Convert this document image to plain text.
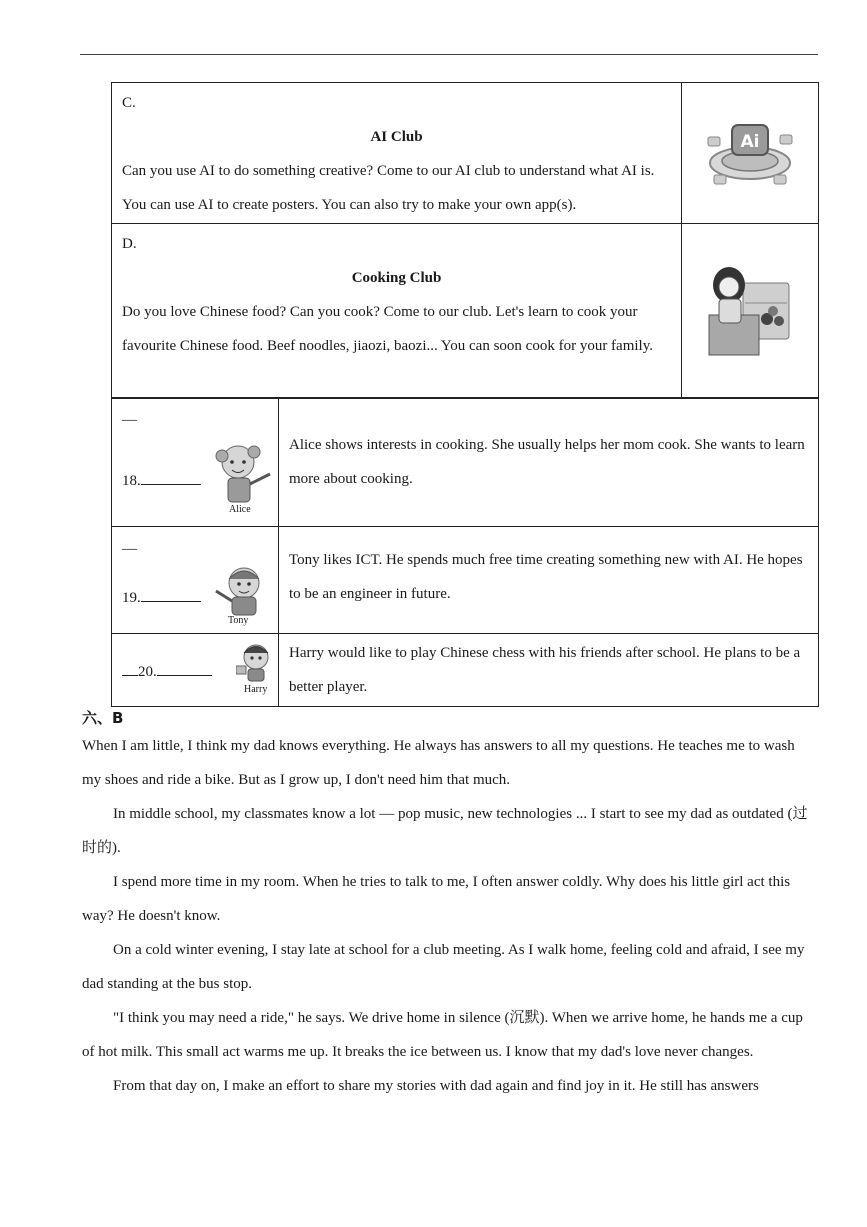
C.
AI Club
Can you use AI to do something creative? Come to our AI club to understand what AI is. You can use AI to create posters. You can also try to make your own app(s).
Ai
D.
Cooking Club
Do you love Chinese food? Can you cook? Come to our club. Let's learn to cook your favourite Chinese food. Beef noodles, jiaozi, baozi... You can soon cook for your family.
—
18.
Alice
Alice shows interests in cooking. She usually helps her mom cook. She wants to learn more about cooking.
—
19.
Tony
Tony likes ICT. He spends much free time creating something new with AI. He hopes to be an engineer in future.
20.
Harry
Harry would like to play Chinese chess with his friends after school. He plans to be a better player.
六、B

When I am little, I think my dad knows everything. He always has answers to all my questions. He teaches me to wash my shoes and ride a bike. But as I grow up, I don't need him that much.

In middle school, my classmates know a lot — pop music, new technologies ... I start to see my dad as outdated (过时的).

I spend more time in my room. When he tries to talk to me, I often answer coldly. Why does his little girl act this way? He doesn't know.

On a cold winter evening, I stay late at school for a club meeting. As I walk home, feeling cold and afraid, I see my dad standing at the bus stop.

"I think you may need a ride," he says. We drive home in silence (沉默). When we arrive home, he hands me a cup of hot milk. This small act warms me up. It breaks the ice between us. I know that my dad's love never changes.

From that day on, I make an effort to share my stories with dad again and find joy in it. He still has answers
